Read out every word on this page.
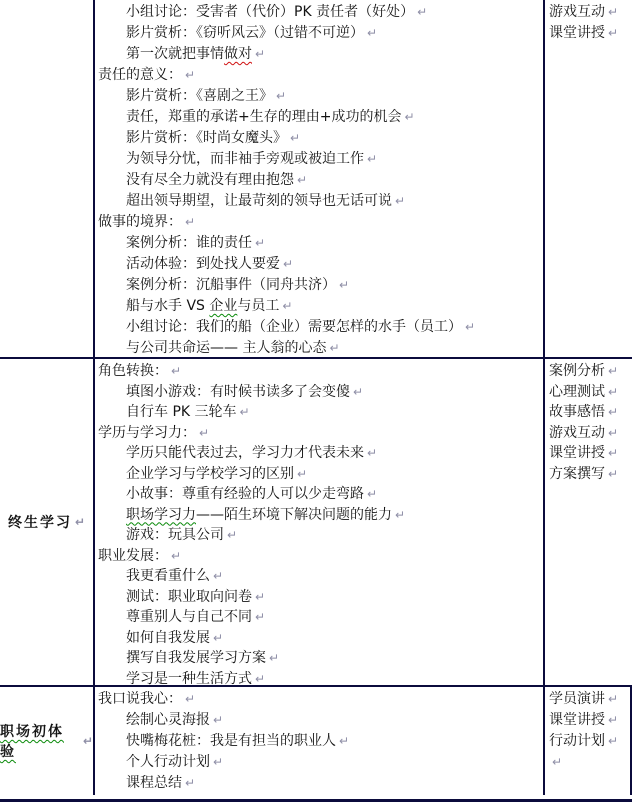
小组讨论：受害者（代价）PK 责任者（好处） ↵
影片赏析：《窃听风云》（过错不可逆） ↵
第一次就把事情做对 ↵
责任的意义： ↵
影片赏析：《喜剧之王》 ↵
责任，郑重的承诺+生存的理由+成功的机会 ↵
影片赏析：《时尚女魔头》 ↵
为领导分忧，而非袖手旁观或被迫工作 ↵
没有尽全力就没有理由抱怨 ↵
超出领导期望，让最苛刻的领导也无话可说 ↵
做事的境界： ↵
案例分析：谁的责任 ↵
活动体验：到处找人要爱 ↵
案例分析：沉船事件（同舟共济） ↵
船与水手 VS 企业与员工 ↵
小组讨论：我们的船（企业）需要怎样的水手（员工） ↵
与公司共命运—— 主人翁的心态 ↵
游戏互动 ↵
课堂讲授 ↵
终生学习 ↵
角色转换： ↵
填图小游戏：有时候书读多了会变傻 ↵
自行车 PK 三轮车 ↵
学历与学习力： ↵
学历只能代表过去，学习力才代表未来 ↵
企业学习与学校学习的区别 ↵
小故事：尊重有经验的人可以少走弯路 ↵
职场学习力——陌生环境下解决问题的能力 ↵
游戏：玩具公司 ↵
职业发展： ↵
我更看重什么 ↵
测试：职业取向问卷 ↵
尊重别人与自己不同 ↵
如何自我发展 ↵
撰写自我发展学习方案 ↵
学习是一种生活方式 ↵
案例分析 ↵
心理测试 ↵
故事感悟 ↵
游戏互动 ↵
课堂讲授 ↵
方案撰写 ↵
职场初体验
↵
我口说我心： ↵
绘制心灵海报 ↵
快嘴梅花桩：我是有担当的职业人 ↵
个人行动计划 ↵
课程总结 ↵
学员演讲 ↵
课堂讲授 ↵
行动计划 ↵
↵
